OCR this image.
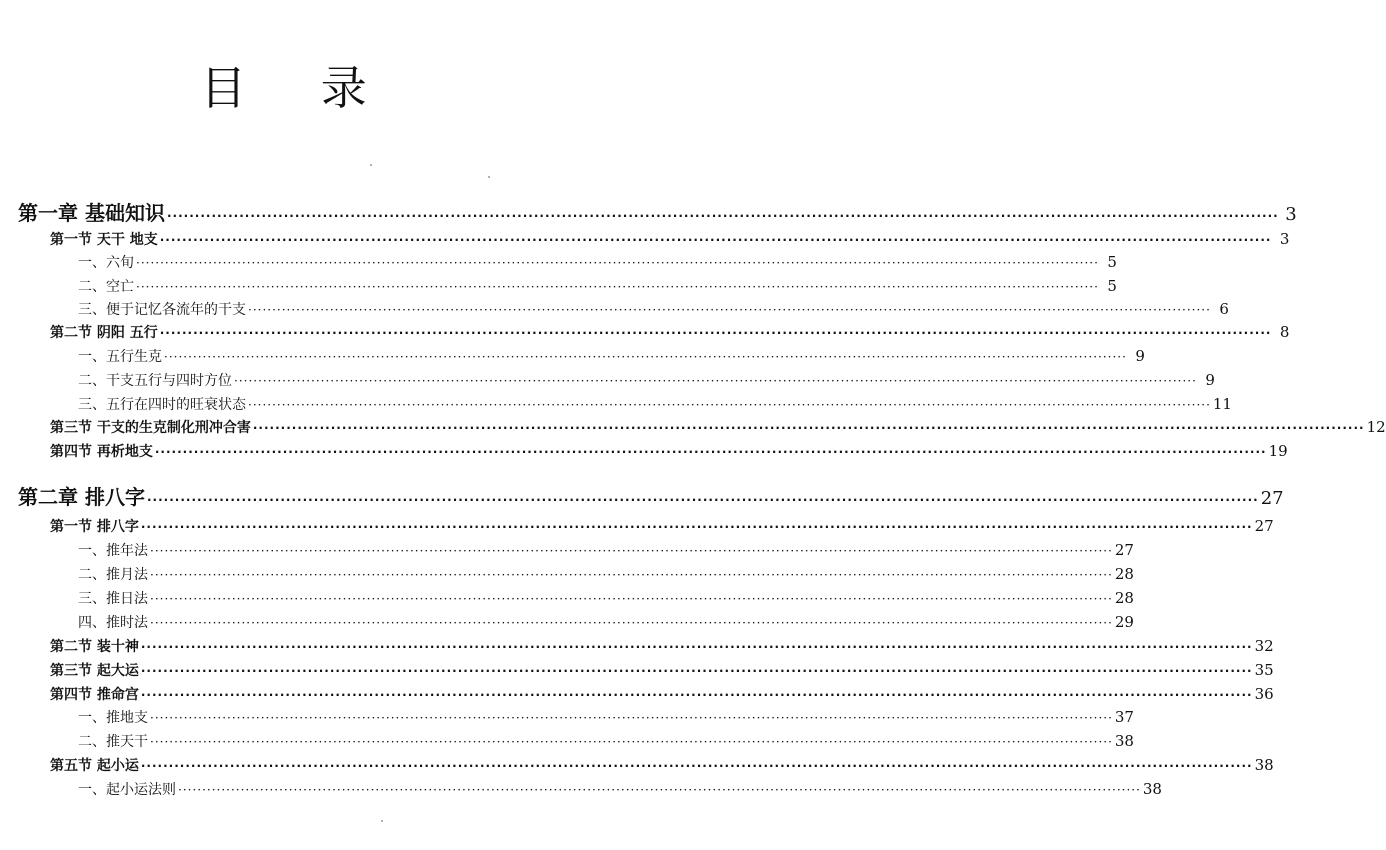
目 录
第一章 基础知识 ········································································································································································································ 3
第一节 天干 地支 ········································································································································································································ 3
一、六旬 ········································································································································································································ 5
二、空亡 ········································································································································································································ 5
三、便于记忆各流年的干支 ········································································································································································································ 6
第二节 阴阳 五行 ········································································································································································································ 8
一、五行生克 ········································································································································································································ 9
二、干支五行与四时方位 ········································································································································································································ 9
三、五行在四时的旺衰状态 ········································································································································································································ 11
第三节 干支的生克制化刑冲合害 ········································································································································································································ 12
第四节 再析地支 ········································································································································································································ 19
第二章 排八字 ········································································································································································································ 27
第一节 排八字 ········································································································································································································ 27
一、推年法 ········································································································································································································ 27
二、推月法 ········································································································································································································ 28
三、推日法 ········································································································································································································ 28
四、推时法 ········································································································································································································ 29
第二节 装十神 ········································································································································································································ 32
第三节 起大运 ········································································································································································································ 35
第四节 推命宫 ········································································································································································································ 36
一、推地支 ········································································································································································································ 37
二、推天干 ········································································································································································································ 38
第五节 起小运 ········································································································································································································ 38
一、起小运法则 ········································································································································································································ 38
